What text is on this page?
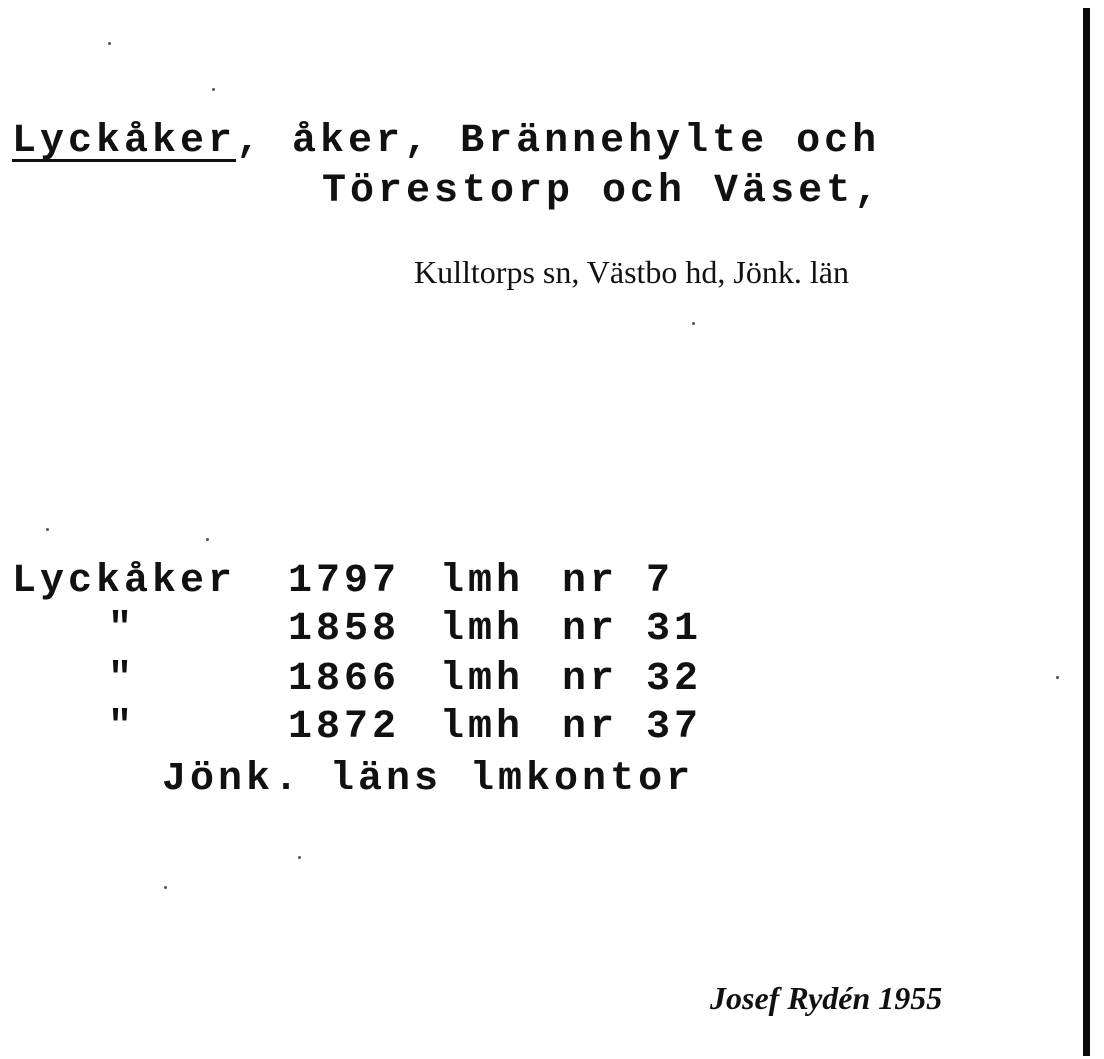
Lyckåker, åker, Brännehylte och
Törestorp och Väset,
Kulltorps sn, Västbo hd, Jönk. län
Lyckåker 1797 lmh nr 7
"	1858 lmh nr 31
"	1866 lmh nr 32
"	1872 lmh nr 37
Jönk. läns lmkontor
Josef Rydén 1955
